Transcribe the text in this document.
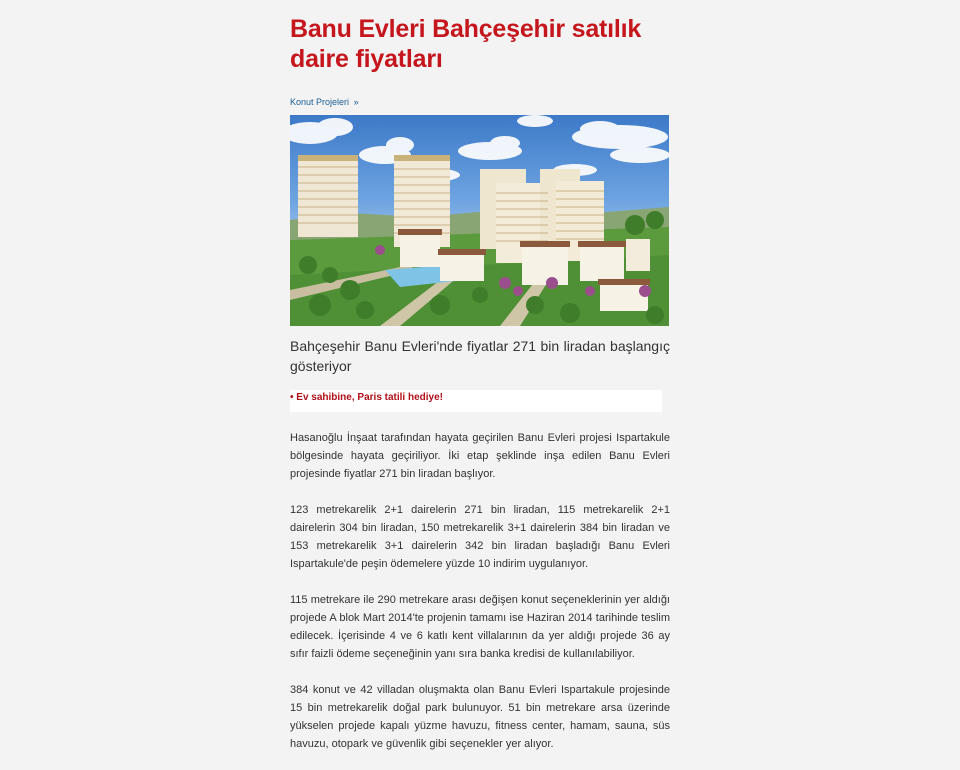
Banu Evleri Bahçeşehir satılık daire fiyatları
Konut Projeleri »
Bahçeşehir Banu Evleri'nde fiyatlar 271 bin liradan başlangıç gösteriyor
• Ev sahibine, Paris tatili hediye!

Hasanoğlu İnşaat tarafından hayata geçirilen Banu Evleri projesi Ispartakule bölgesinde hayata geçiriliyor. İki etap şeklinde inşa edilen Banu Evleri projesinde fiyatlar 271 bin liradan başlıyor.

123 metrekarelik 2+1 dairelerin 271 bin liradan, 115 metrekarelik 2+1 dairelerin 304 bin liradan, 150 metrekarelik 3+1 dairelerin 384 bin liradan ve 153 metrekarelik 3+1 dairelerin 342 bin liradan başladığı Banu Evleri Ispartakule'de peşin ödemelere yüzde 10 indirim uygulanıyor.

115 metrekare ile 290 metrekare arası değişen konut seçeneklerinin yer aldığı projede A blok Mart 2014'te projenin tamamı ise Haziran 2014 tarihinde teslim edilecek. İçerisinde 4 ve 6 katlı kent villalarının da yer aldığı projede 36 ay sıfır faizli ödeme seçeneğinin yanı sıra banka kredisi de kullanılabiliyor.

384 konut ve 42 villadan oluşmakta olan Banu Evleri Ispartakule projesinde 15 bin metrekarelik doğal park bulunuyor. 51 bin metrekare arsa üzerinde yükselen projede kapalı yüzme havuzu, fitness center, hamam, sauna, süs havuzu, otopark ve güvenlik gibi seçenekler yer alıyor.
